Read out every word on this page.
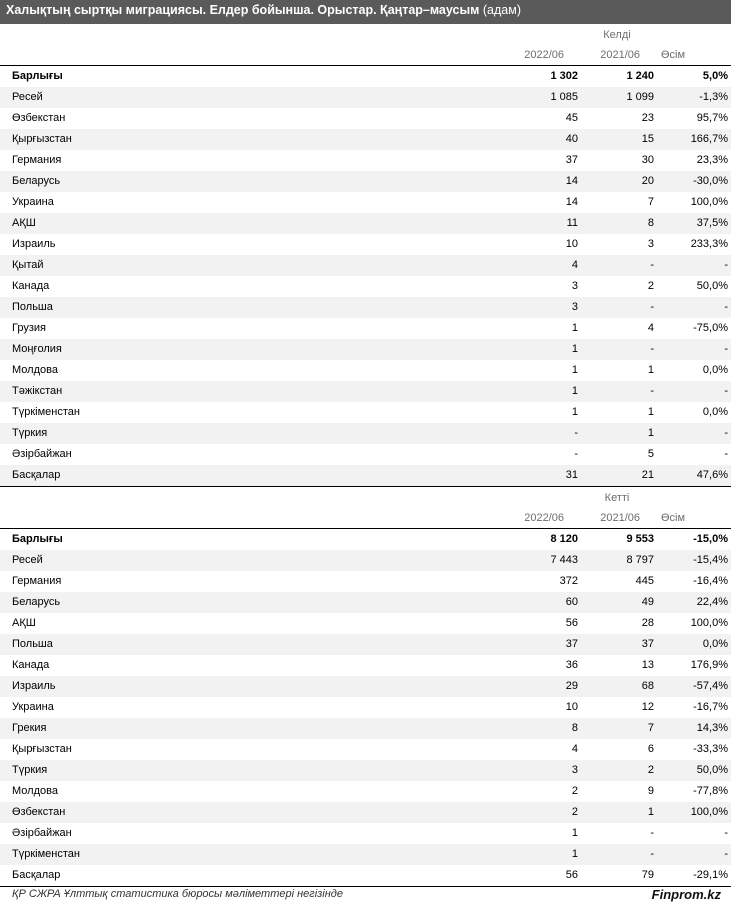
Халықтың сыртқы миграциясы. Елдер бойынша. Орыстар. Қаңтар–маусым (адам)
Келді
2022/06	2021/06	Өсім
Барлығы	1 302	1 240	5,0%
Ресей	1 085	1 099	-1,3%
Өзбекстан	45	23	95,7%
Қырғызстан	40	15	166,7%
Германия	37	30	23,3%
Беларусь	14	20	-30,0%
Украина	14	7	100,0%
АҚШ	11	8	37,5%
Израиль	10	3	233,3%
Қытай	4	-	-
Канада	3	2	50,0%
Польша	3	-	-
Грузия	1	4	-75,0%
Моңғолия	1	-	-
Молдова	1	1	0,0%
Тәжікстан	1	-	-
Түркіменстан	1	1	0,0%
Түркия	-	1	-
Әзірбайжан	-	5	-
Басқалар	31	21	47,6%
Кетті
2022/06	2021/06	Өсім
Барлығы	8 120	9 553	-15,0%
Ресей	7 443	8 797	-15,4%
Германия	372	445	-16,4%
Беларусь	60	49	22,4%
АҚШ	56	28	100,0%
Польша	37	37	0,0%
Канада	36	13	176,9%
Израиль	29	68	-57,4%
Украина	10	12	-16,7%
Грекия	8	7	14,3%
Қырғызстан	4	6	-33,3%
Түркия	3	2	50,0%
Молдова	2	9	-77,8%
Өзбекстан	2	1	100,0%
Әзірбайжан	1	-	-
Түркіменстан	1	-	-
Басқалар	56	79	-29,1%
ҚР СЖРА Ұлттық статистика бюросы мәліметтері негізінде	Finprom.kz
